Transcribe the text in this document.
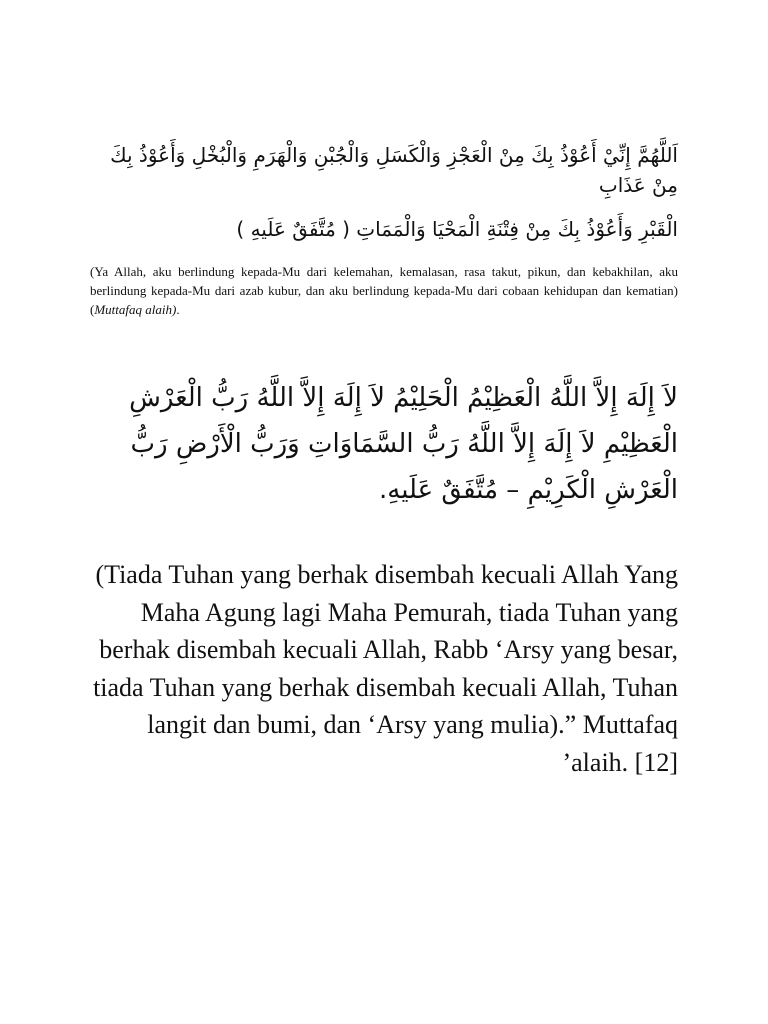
اَللَّهُمَّ إِنِّيْ أَعُوْذُ بِكَ مِنْ الْعَجْزِ وَالْكَسَلِ وَالْجُبْنِ وَالْهَرَمِ وَالْبُخْلِ وَأَعُوْذُ بِكَ مِنْ عَذَابِ

الْقَبْرِ وَأَعُوْذُ بِكَ مِنْ فِتْنَةِ الْمَحْيَا وَالْمَمَاتِ ( مُتَّفَقٌ عَلَيهِ )

(Ya Allah, aku berlindung kepada-Mu dari kelemahan, kemalasan, rasa takut, pikun, dan kebakhilan, aku berlindung kepada-Mu dari azab kubur, dan aku berlindung kepada-Mu dari cobaan kehidupan dan kematian) (Muttafaq alaih).

لاَ إِلَهَ إِلاَّ اللَّهُ الْعَظِيْمُ الْحَلِيْمُ لاَ إِلَهَ إِلاَّ اللَّهُ رَبُّ الْعَرْشِ الْعَظِيْمِ لاَ إِلَهَ إِلاَّ اللَّهُ رَبُّ السَّمَاوَاتِ وَرَبُّ الْأَرْضِ رَبُّ الْعَرْشِ الْكَرِيْمِ – مُتَّفَقٌ عَلَيهِ.

(Tiada Tuhan yang berhak disembah kecuali Allah Yang Maha Agung lagi Maha Pemurah, tiada Tuhan yang berhak disembah kecuali Allah, Rabb ‘Arsy yang besar, tiada Tuhan yang berhak disembah kecuali Allah, Tuhan langit dan bumi, dan ‘Arsy yang mulia).” Muttafaq ’alaih. [12]
